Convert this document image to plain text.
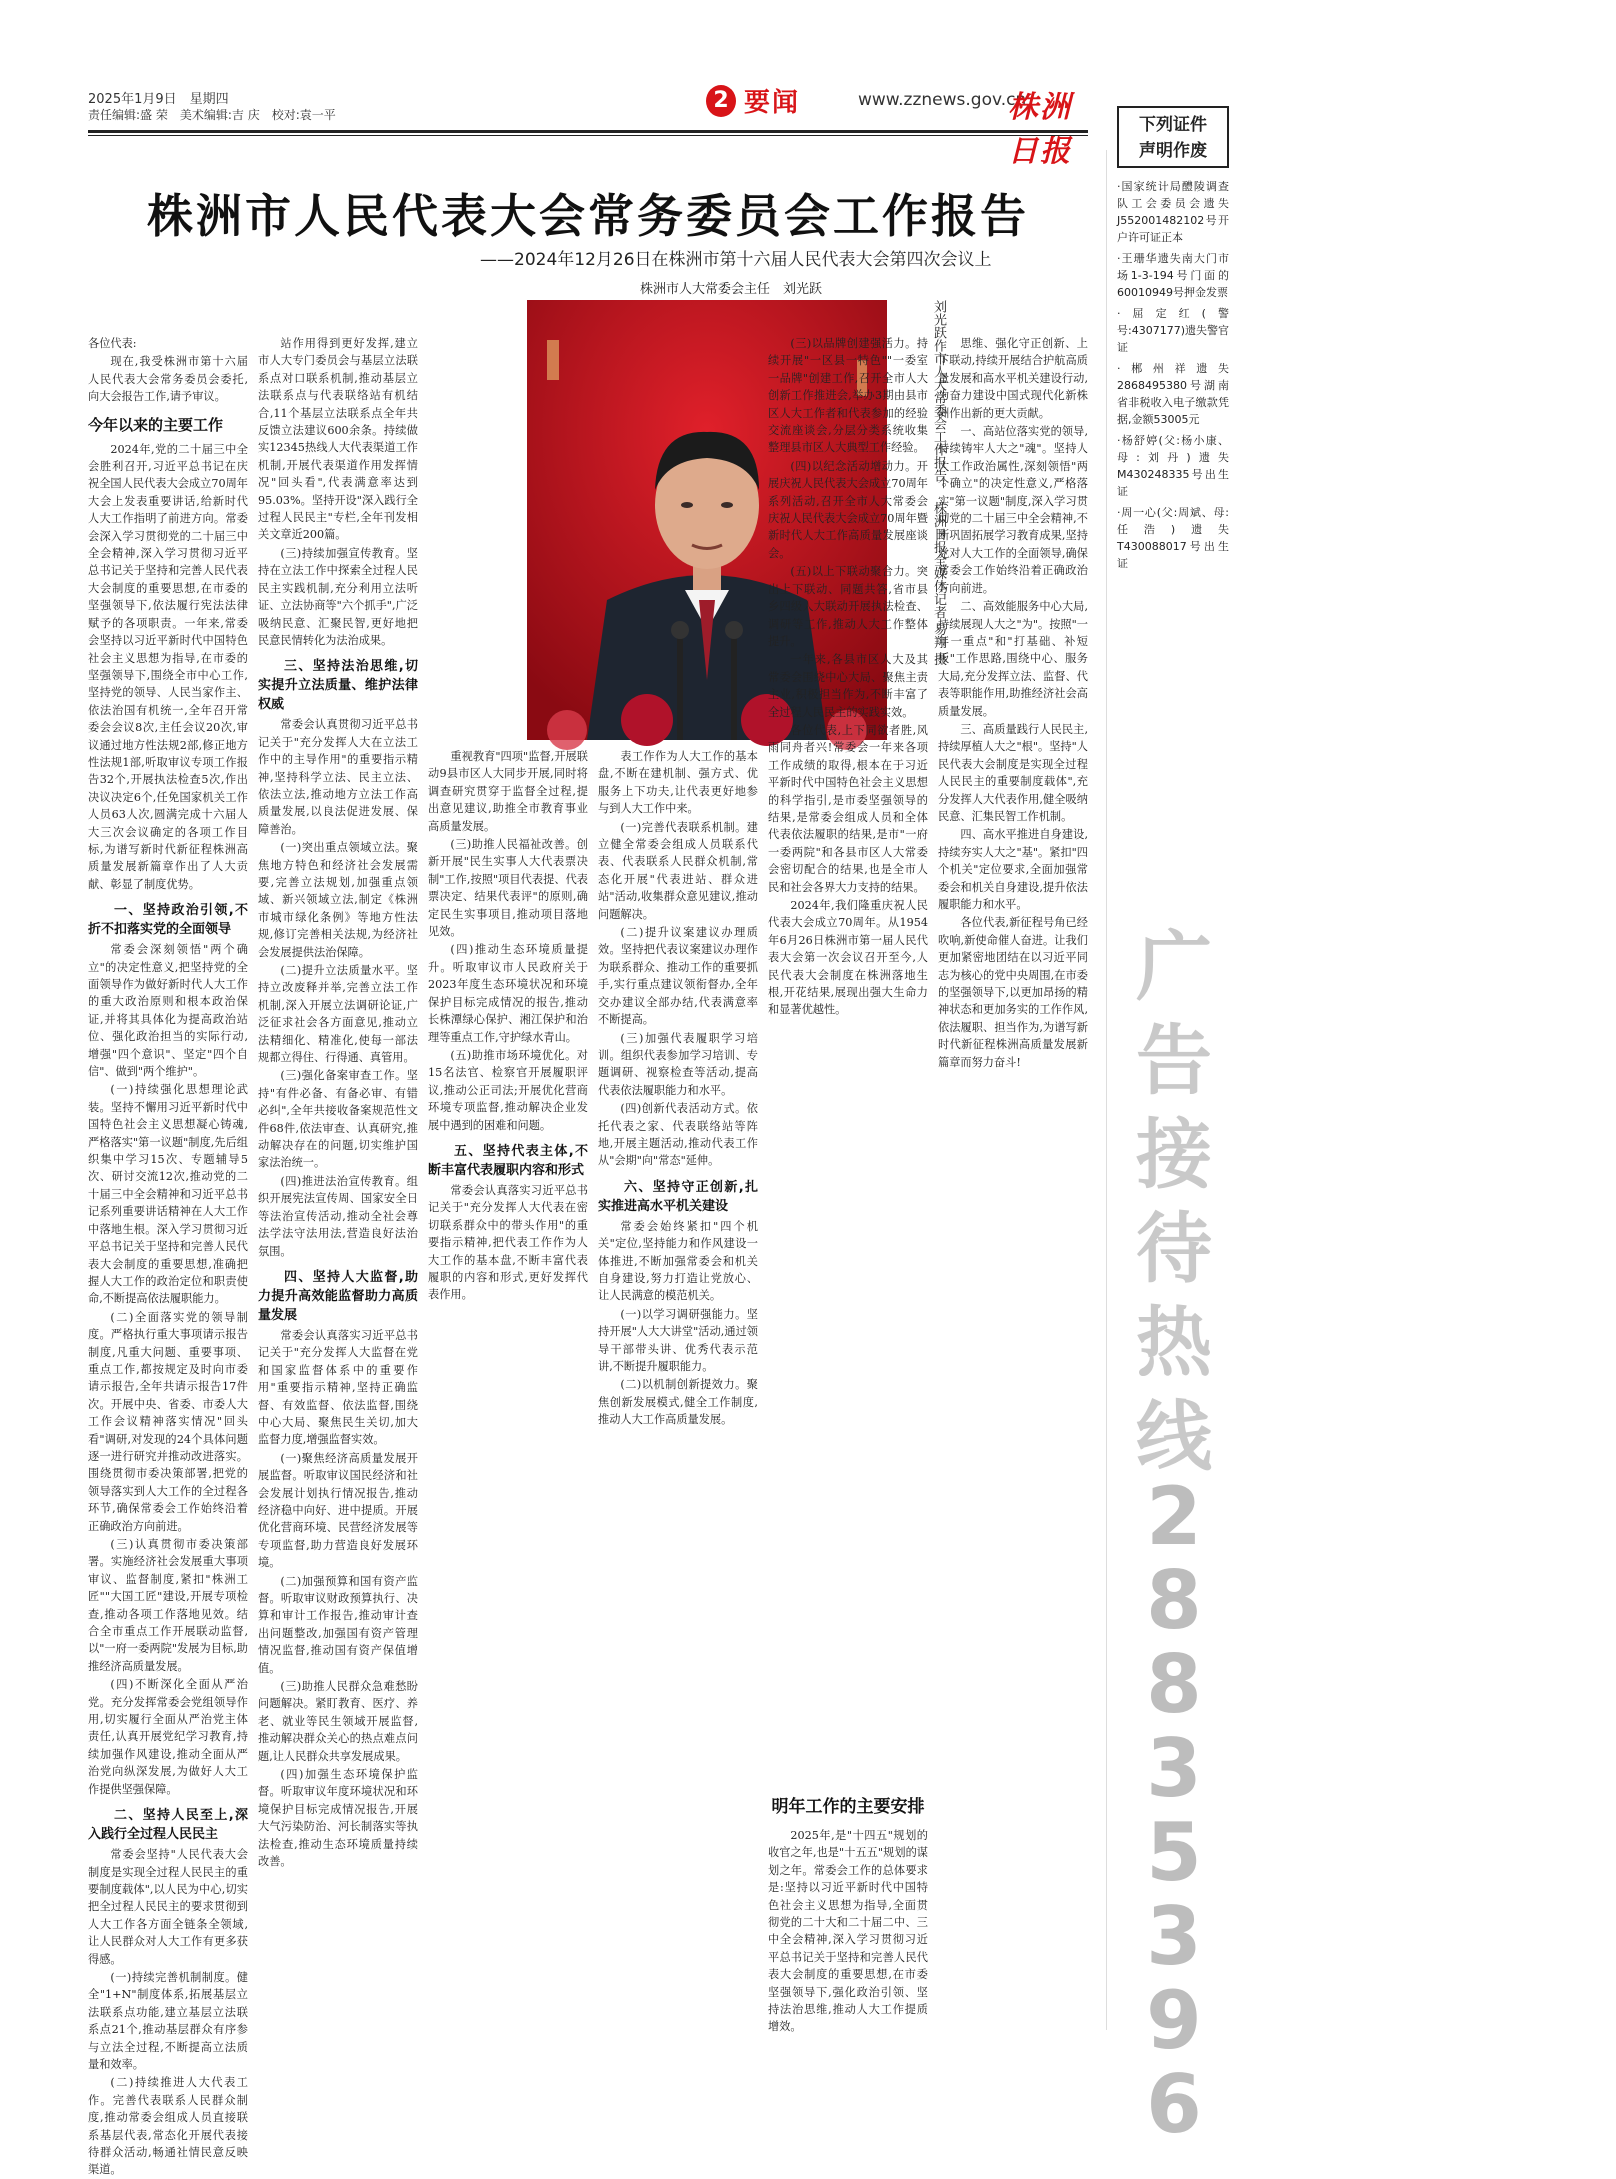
2025年1月9日　星期四
责任编辑:盛 荣　美术编辑:吉 庆　校对:袁一平
2 要闻	www.zznews.gov.cn
株洲日报
株洲市人民代表大会常务委员会工作报告
——2024年12月26日在株洲市第十六届人民代表大会第四次会议上
株洲市人大常委会主任　刘光跃
刘光跃作市人大常委会工作报告。　株洲日报全媒体记者 易翔 摄

各位代表:

现在,我受株洲市第十六届人民代表大会常务委员会委托,向大会报告工作,请予审议。

今年以来的主要工作

2024年,党的二十届三中全会胜利召开,习近平总书记在庆祝全国人民代表大会成立70周年大会上发表重要讲话,给新时代人大工作指明了前进方向。常委会深入学习贯彻党的二十届三中全会精神,深入学习贯彻习近平总书记关于坚持和完善人民代表大会制度的重要思想,在市委的坚强领导下,依法履行宪法法律赋予的各项职责。一年来,常委会坚持以习近平新时代中国特色社会主义思想为指导,在市委的坚强领导下,围绕全市中心工作,坚持党的领导、人民当家作主、依法治国有机统一,全年召开常委会会议8次,主任会议20次,审议通过地方性法规2部,修正地方性法规1部,听取审议专项工作报告32个,开展执法检查5次,作出决议决定6个,任免国家机关工作人员63人次,圆满完成十六届人大三次会议确定的各项工作目标,为谱写新时代新征程株洲高质量发展新篇章作出了人大贡献、彰显了制度优势。

一、坚持政治引领,不折不扣落实党的全面领导

常委会深刻领悟"两个确立"的决定性意义,把坚持党的全面领导作为做好新时代人大工作的重大政治原则和根本政治保证,并将其具体化为提高政治站位、强化政治担当的实际行动,增强"四个意识"、坚定"四个自信"、做到"两个维护"。

(一)持续强化思想理论武装。坚持不懈用习近平新时代中国特色社会主义思想凝心铸魂,严格落实"第一议题"制度,先后组织集中学习15次、专题辅导5次、研讨交流12次,推动党的二十届三中全会精神和习近平总书记系列重要讲话精神在人大工作中落地生根。深入学习贯彻习近平总书记关于坚持和完善人民代表大会制度的重要思想,准确把握人大工作的政治定位和职责使命,不断提高依法履职能力。

(二)全面落实党的领导制度。严格执行重大事项请示报告制度,凡重大问题、重要事项、重点工作,都按规定及时向市委请示报告,全年共请示报告17件次。开展中央、省委、市委人大工作会议精神落实情况"回头看"调研,对发现的24个具体问题逐一进行研究并推动改进落实。围绕贯彻市委决策部署,把党的领导落实到人大工作的全过程各环节,确保常委会工作始终沿着正确政治方向前进。

(三)认真贯彻市委决策部署。实施经济社会发展重大事项审议、监督制度,紧扣"株洲工匠""大国工匠"建设,开展专项检查,推动各项工作落地见效。结合全市重点工作开展联动监督,以"一府一委两院"发展为目标,助推经济高质量发展。

(四)不断深化全面从严治党。充分发挥常委会党组领导作用,切实履行全面从严治党主体责任,认真开展党纪学习教育,持续加强作风建设,推动全面从严治党向纵深发展,为做好人大工作提供坚强保障。

二、坚持人民至上,深入践行全过程人民民主

常委会坚持"人民代表大会制度是实现全过程人民民主的重要制度载体",以人民为中心,切实把全过程人民民主的要求贯彻到人大工作各方面全链条全领域,让人民群众对人大工作有更多获得感。

(一)持续完善机制制度。健全"1+N"制度体系,拓展基层立法联系点功能,建立基层立法联系点21个,推动基层群众有序参与立法全过程,不断提高立法质量和效率。

(二)持续推进人大代表工作。完善代表联系人民群众制度,推动常委会组成人员直接联系基层代表,常态化开展代表接待群众活动,畅通社情民意反映渠道。

站作用得到更好发挥,建立市人大专门委员会与基层立法联系点对口联系机制,推动基层立法联系点与代表联络站有机结合,11个基层立法联系点全年共反馈立法建议600余条。持续做实12345热线人大代表渠道工作机制,开展代表渠道作用发挥情况"回头看",代表满意率达到95.03%。坚持开设"深入践行全过程人民民主"专栏,全年刊发相关文章近200篇。

(三)持续加强宣传教育。坚持在立法工作中探索全过程人民民主实践机制,充分利用立法听证、立法协商等"六个抓手",广泛吸纳民意、汇聚民智,更好地把民意民情转化为法治成果。

三、坚持法治思维,切实提升立法质量、维护法律权威

常委会认真贯彻习近平总书记关于"充分发挥人大在立法工作中的主导作用"的重要指示精神,坚持科学立法、民主立法、依法立法,推动地方立法工作高质量发展,以良法促进发展、保障善治。

(一)突出重点领域立法。聚焦地方特色和经济社会发展需要,完善立法规划,加强重点领域、新兴领域立法,制定《株洲市城市绿化条例》等地方性法规,修订完善相关法规,为经济社会发展提供法治保障。

(二)提升立法质量水平。坚持立改废释并举,完善立法工作机制,深入开展立法调研论证,广泛征求社会各方面意见,推动立法精细化、精准化,使每一部法规都立得住、行得通、真管用。

(三)强化备案审查工作。坚持"有件必备、有备必审、有错必纠",全年共接收备案规范性文件68件,依法审查、认真研究,推动解决存在的问题,切实维护国家法治统一。

(四)推进法治宣传教育。组织开展宪法宣传周、国家安全日等法治宣传活动,推动全社会尊法学法守法用法,营造良好法治氛围。

四、坚持人大监督,助力提升高效能监督助力高质量发展

常委会认真落实习近平总书记关于"充分发挥人大监督在党和国家监督体系中的重要作用"重要指示精神,坚持正确监督、有效监督、依法监督,围绕中心大局、聚焦民生关切,加大监督力度,增强监督实效。

(一)聚焦经济高质量发展开展监督。听取审议国民经济和社会发展计划执行情况报告,推动经济稳中向好、进中提质。开展优化营商环境、民营经济发展等专项监督,助力营造良好发展环境。

(二)加强预算和国有资产监督。听取审议财政预算执行、决算和审计工作报告,推动审计查出问题整改,加强国有资产管理情况监督,推动国有资产保值增值。

(三)助推人民群众急难愁盼问题解决。紧盯教育、医疗、养老、就业等民生领域开展监督,推动解决群众关心的热点难点问题,让人民群众共享发展成果。

(四)加强生态环境保护监督。听取审议年度环境状况和环境保护目标完成情况报告,开展大气污染防治、河长制落实等执法检查,推动生态环境质量持续改善。

重视教育"四项"监督,开展联动9县市区人大同步开展,同时将调查研究贯穿于监督全过程,提出意见建议,助推全市教育事业高质量发展。

(三)助推人民福祉改善。创新开展"民生实事人大代表票决制"工作,按照"项目代表提、代表票决定、结果代表评"的原则,确定民生实事项目,推动项目落地见效。

(四)推动生态环境质量提升。听取审议市人民政府关于2023年度生态环境状况和环境保护目标完成情况的报告,推动长株潭绿心保护、湘江保护和治理等重点工作,守护绿水青山。

(五)助推市场环境优化。对15名法官、检察官开展履职评议,推动公正司法;开展优化营商环境专项监督,推动解决企业发展中遇到的困难和问题。

五、坚持代表主体,不断丰富代表履职内容和形式

常委会认真落实习近平总书记关于"充分发挥人大代表在密切联系群众中的带头作用"的重要指示精神,把代表工作作为人大工作的基本盘,不断丰富代表履职的内容和形式,更好发挥代表作用。

表工作作为人大工作的基本盘,不断在建机制、强方式、优服务上下功夫,让代表更好地参与到人大工作中来。

(一)完善代表联系机制。建立健全常委会组成人员联系代表、代表联系人民群众机制,常态化开展"代表进站、群众进站"活动,收集群众意见建议,推动问题解决。

(二)提升议案建议办理质效。坚持把代表议案建议办理作为联系群众、推动工作的重要抓手,实行重点建议领衔督办,全年交办建议全部办结,代表满意率不断提高。

(三)加强代表履职学习培训。组织代表参加学习培训、专题调研、视察检查等活动,提高代表依法履职能力和水平。

(四)创新代表活动方式。依托代表之家、代表联络站等阵地,开展主题活动,推动代表工作从"会期"向"常态"延伸。

六、坚持守正创新,扎实推进高水平机关建设

常委会始终紧扣"四个机关"定位,坚持能力和作风建设一体推进,不断加强常委会和机关自身建设,努力打造让党放心、让人民满意的模范机关。

(一)以学习调研强能力。坚持开展"人大大讲堂"活动,通过领导干部带头讲、优秀代表示范讲,不断提升履职能力。

(二)以机制创新提效力。聚焦创新发展模式,健全工作制度,推动人大工作高质量发展。

(三)以品牌创建强活力。持续开展"一区县一特色""一委室一品牌"创建工作,召开全市人大创新工作推进会,举办3期由县市区人大工作者和代表参加的经验交流座谈会,分层分类系统收集整理县市区人大典型工作经验。

(四)以纪念活动增动力。开展庆祝人民代表大会成立70周年系列活动,召开全市人大常委会庆祝人民代表大会成立70周年暨新时代人大工作高质量发展座谈会。

(五)以上下联动聚合力。突出上下联动、同题共答,省市县乡四级人大联动开展执法检查、调研等工作,推动人大工作整体提升。

一年来,各县市区人大及其常委会围绕中心大局、聚焦主责主业,积极担当作为,不断丰富了全过程人民民主的实践实效。

各位代表,上下同欲者胜,风雨同舟者兴!常委会一年来各项工作成绩的取得,根本在于习近平新时代中国特色社会主义思想的科学指引,是市委坚强领导的结果,是常委会组成人员和全体代表依法履职的结果,是市"一府一委两院"和各县市区人大常委会密切配合的结果,也是全市人民和社会各界大力支持的结果。

2024年,我们隆重庆祝人民代表大会成立70周年。从1954年6月26日株洲市第一届人民代表大会第一次会议召开至今,人民代表大会制度在株洲落地生根,开花结果,展现出强大生命力和显著优越性。

思维、强化守正创新、上下联动,持续开展结合护航高质量发展和高水平机关建设行动,为奋力建设中国式现代化新株洲作出新的更大贡献。

一、高站位落实党的领导,持续铸牢人大之"魂"。坚持人大工作政治属性,深刻领悟"两个确立"的决定性意义,严格落实"第一议题"制度,深入学习贯彻党的二十届三中全会精神,不断巩固拓展学习教育成果,坚持党对人大工作的全面领导,确保常委会工作始终沿着正确政治方向前进。

二、高效能服务中心大局,持续展现人大之"为"。按照"一年一重点"和"打基础、补短板"工作思路,围绕中心、服务大局,充分发挥立法、监督、代表等职能作用,助推经济社会高质量发展。

三、高质量践行人民民主,持续厚植人大之"根"。坚持"人民代表大会制度是实现全过程人民民主的重要制度载体",充分发挥人大代表作用,健全吸纳民意、汇集民智工作机制。

四、高水平推进自身建设,持续夯实人大之"基"。紧扣"四个机关"定位要求,全面加强常委会和机关自身建设,提升依法履职能力和水平。

各位代表,新征程号角已经吹响,新使命催人奋进。让我们更加紧密地团结在以习近平同志为核心的党中央周围,在市委的坚强领导下,以更加昂扬的精神状态和更加务实的工作作风,依法履职、担当作为,为谱写新时代新征程株洲高质量发展新篇章而努力奋斗!

明年工作的主要安排

2025年,是"十四五"规划的收官之年,也是"十五五"规划的谋划之年。常委会工作的总体要求是:坚持以习近平新时代中国特色社会主义思想为指导,全面贯彻党的二十大和二十届二中、三中全会精神,深入学习贯彻习近平总书记关于坚持和完善人民代表大会制度的重要思想,在市委坚强领导下,强化政治引领、坚持法治思维,推动人大工作提质增效。

下列证件
声明作废

·国家统计局醴陵调查队工会委员会遗失J552001482102号开户许可证正本

·王珊华遗失南大门市场1-3-194号门面的60010949号押金发票

·屈定红(警号:4307177)遗失警官证

·郴州祥遗失2868495380号湖南省非税收入电子缴款凭据,金额53005元

·杨舒婷(父:杨小康、母:刘丹)遗失M430248335号出生证

·周一心(父:周斌、母:任浩)遗失T430088017号出生证

广
告
接
待
热
线
2
8
8
3
5
3
9
6
